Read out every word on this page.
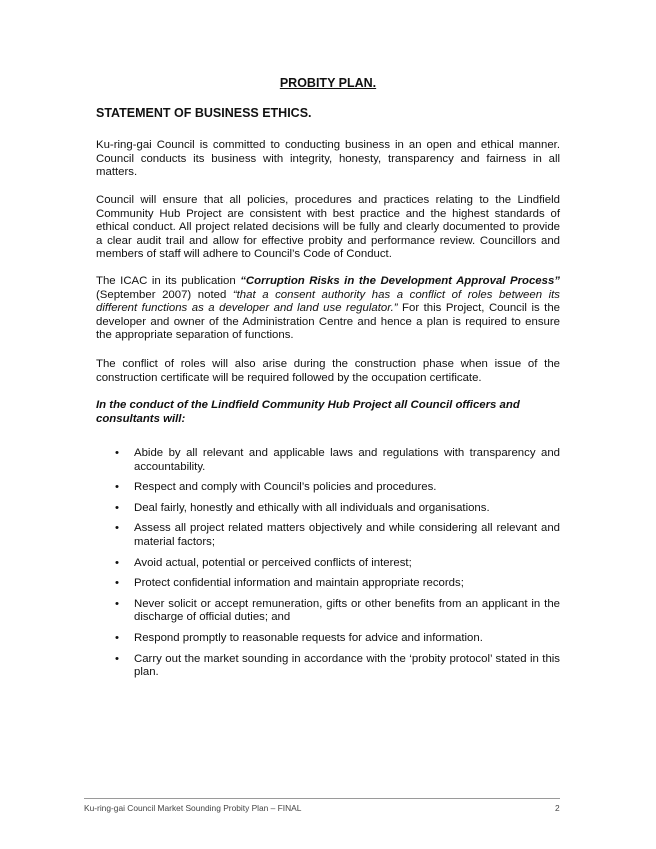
PROBITY PLAN.
STATEMENT OF BUSINESS ETHICS.

Ku-ring-gai Council is committed to conducting business in an open and ethical manner. Council conducts its business with integrity, honesty, transparency and fairness in all matters.

Council will ensure that all policies, procedures and practices relating to the Lindfield Community Hub Project are consistent with best practice and the highest standards of ethical conduct. All project related decisions will be fully and clearly documented to provide a clear audit trail and allow for effective probity and performance review. Councillors and members of staff will adhere to Council’s Code of Conduct.

The ICAC in its publication “Corruption Risks in the Development Approval Process” (September 2007) noted “that a consent authority has a conflict of roles between its different functions as a developer and land use regulator.” For this Project, Council is the developer and owner of the Administration Centre and hence a plan is required to ensure the appropriate separation of functions.

The conflict of roles will also arise during the construction phase when issue of the construction certificate will be required followed by the occupation certificate.

In the conduct of the Lindfield Community Hub Project all Council officers and consultants will:

• Abide by all relevant and applicable laws and regulations with transparency and accountability.
• Respect and comply with Council’s policies and procedures.
• Deal fairly, honestly and ethically with all individuals and organisations.
• Assess all project related matters objectively and while considering all relevant and material factors;
• Avoid actual, potential or perceived conflicts of interest;
• Protect confidential information and maintain appropriate records;
• Never solicit or accept remuneration, gifts or other benefits from an applicant in the discharge of official duties; and
• Respond promptly to reasonable requests for advice and information.
• Carry out the market sounding in accordance with the ‘probity protocol’ stated in this plan.
Ku-ring-gai Council Market Sounding Probity Plan – FINAL	2
